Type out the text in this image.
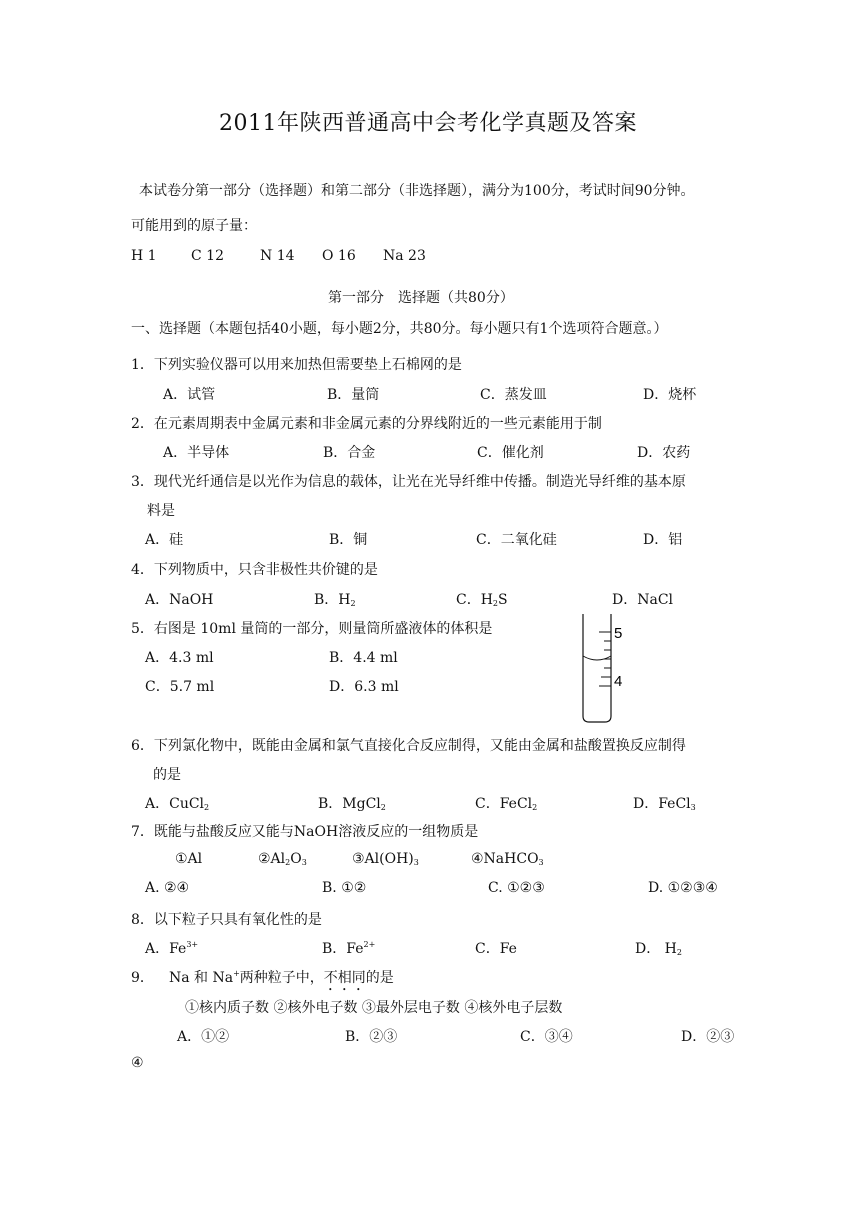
2011年陕西普通高中会考化学真题及答案
本试卷分第一部分（选择题）和第二部分（非选择题），满分为100分，考试时间90分钟。
可能用到的原子量：
H 1 C 12	N 14 O 16 Na 23
第一部分　选择题（共80分）
一、选择题（本题包括40小题，每小题2分，共80分。每小题只有1个选项符合题意。）
1．下列实验仪器可以用来加热但需要垫上石棉网的是
A．试管	B．量筒	C．蒸发皿	D．烧杯
2．在元素周期表中金属元素和非金属元素的分界线附近的一些元素能用于制
A．半导体	B．合金	C．催化剂	D．农药
3．现代光纤通信是以光作为信息的载体，让光在光导纤维中传播。制造光导纤维的基本原
料是
A．硅	B．铜	C．二氧化硅	D．铝
4．下列物质中，只含非极性共价键的是
A．NaOH	B．$H_2$	C．$H_2S$	D．NaCl
5．右图是 10ml 量筒的一部分，则量筒所盛液体的体积是
A．4.3 ml	B．4.4 ml
C．5.7 ml	D．6.3 ml
5
4
6．下列氯化物中，既能由金属和氯气直接化合反应制得，又能由金属和盐酸置换反应制得
的是
A．CuCl$_2$	B．MgCl$_2$	C．FeCl$_2$	D．FeCl$_3$
7．既能与盐酸反应又能与NaOH溶液反应的一组物质是
①Al	$②Al_2O_3$	$③Al(OH)_3$	④NaHCO$_3$
A. ②④	B. ①②	C. ①②③	D. ①②③④
8．以下粒子只具有氧化性的是
A．$Fe^{3+}$	B．$Fe^{2+}$	C．Fe	D． $H_2$
9． Na 和 Na+两种粒子中，不相同的是
①核内质子数 ②核外电子数 ③最外层电子数 ④核外电子层数
A．①②	B．②③	C．③④	D．②③
④
